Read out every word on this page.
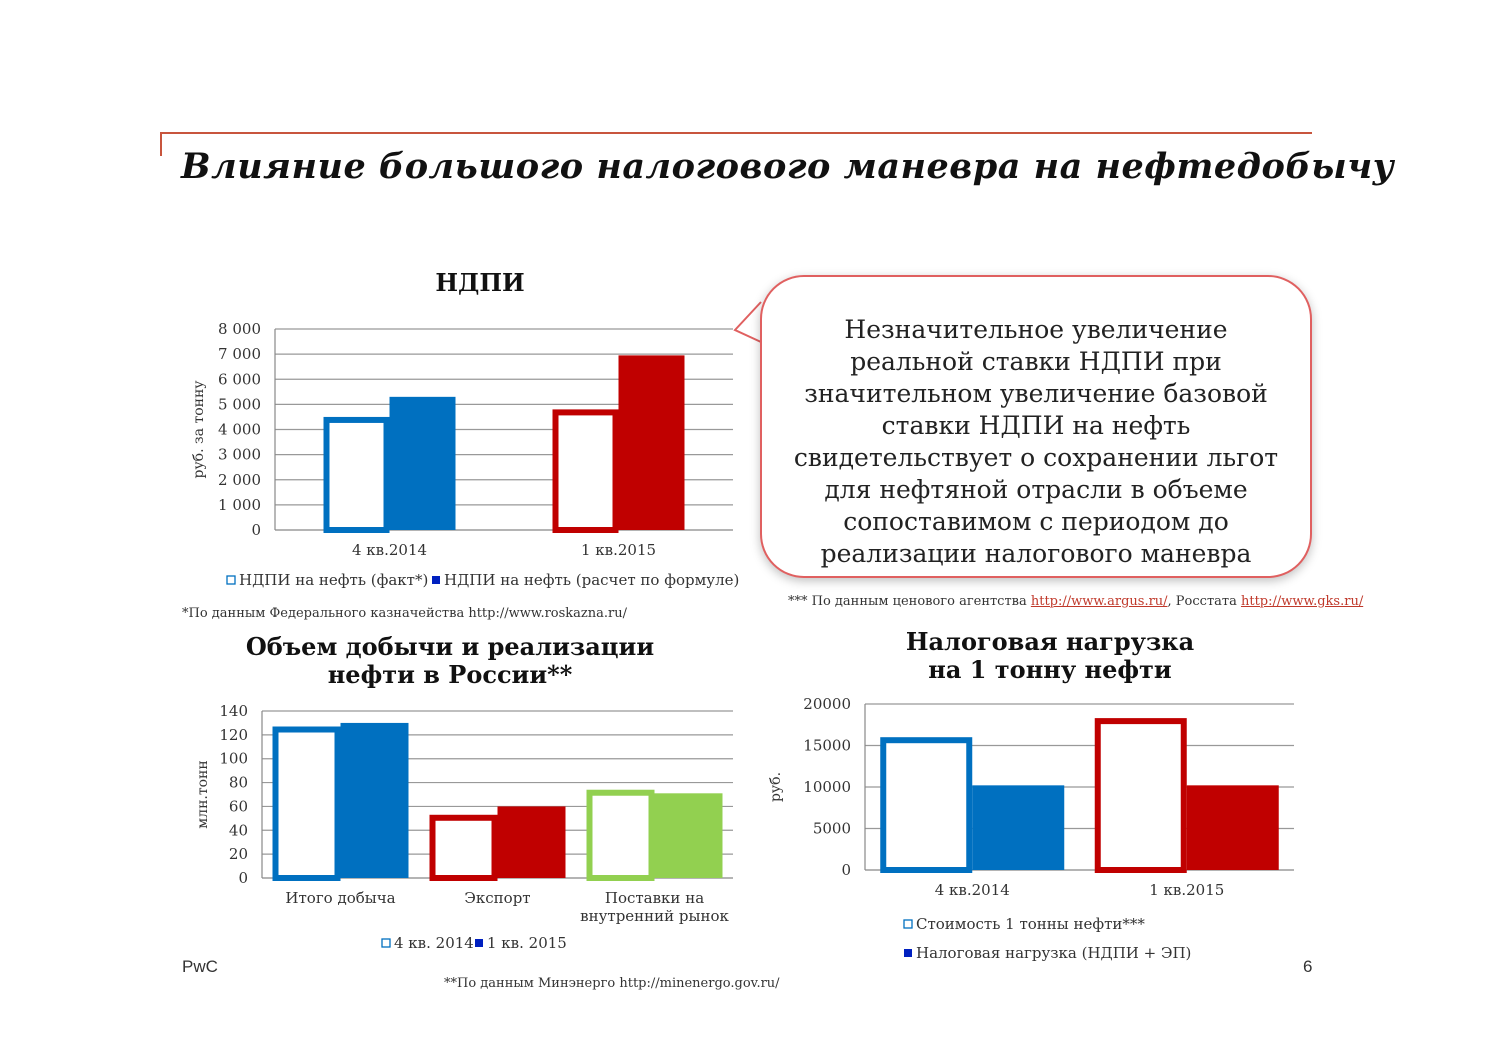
Влияние большого налогового маневра на нефтедобычу
НДПИ
0
1 000
2 000
3 000
4 000
5 000
6 000
7 000
8 000
руб. за тонну
4 кв.2014	1 кв.2015
НДПИ на нефть (факт*) НДПИ на нефть (расчет по формуле)
*По данным Федерального казначейства http://www.roskazna.ru/
Незначительное увеличение реальной ставки НДПИ при значительном увеличение базовой ставки НДПИ на нефть свидетельствует о сохранении льгот для нефтяной отрасли в объеме сопоставимом с периодом до реализации налогового маневра
*** По данным ценового агентства http://www.argus.ru/, Росстата http://www.gks.ru/
Объем добычи и реализации
нефти в России**
0
20
40
60
80
100
120
140
млн.тонн
Итого добыча	Экспорт	Поставки на
внутренний рынок
4 кв. 2014 1 кв. 2015
**По данным Минэнерго http://minenergo.gov.ru/
Налоговая нагрузка
на 1 тонну нефти
0
5000
10000
15000
20000
руб.
4 кв.2014	1 кв.2015
Стоимость 1 тонны нефти***
Налоговая нагрузка (НДПИ + ЭП)
PwC	6
